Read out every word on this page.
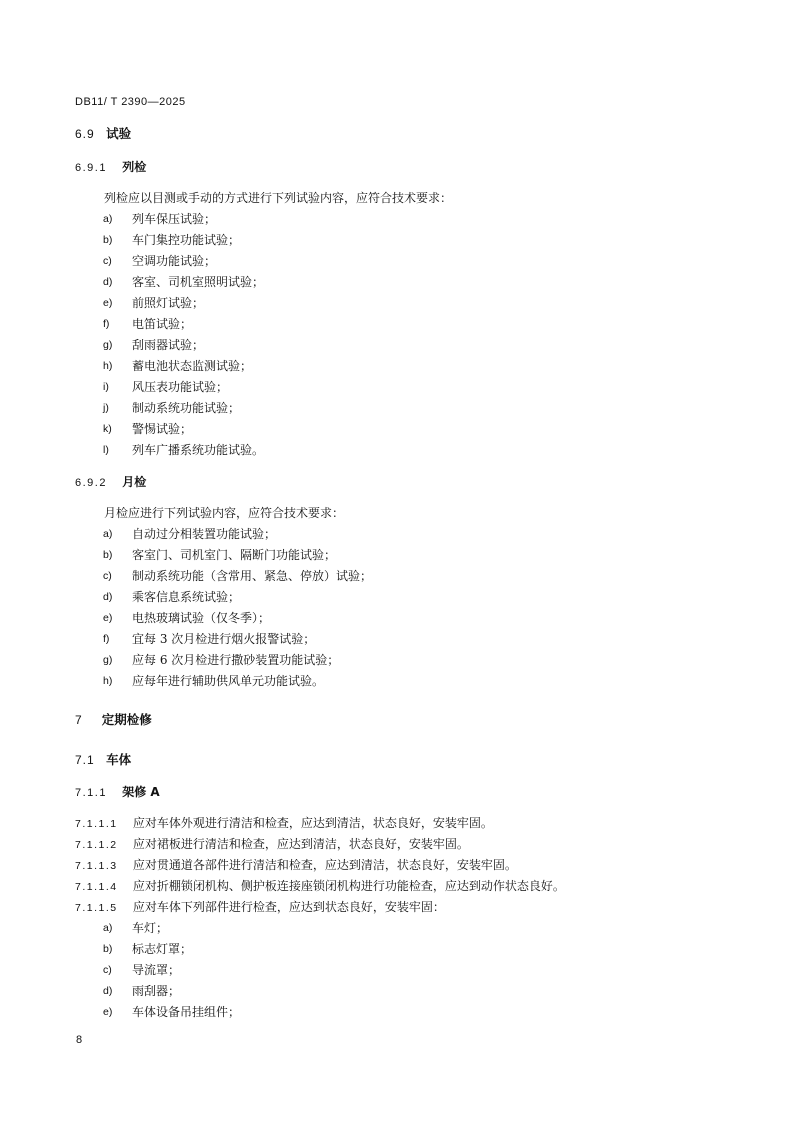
DB11/ T 2390—2025
6.9 试验
6.9.1 列检
列检应以目测或手动的方式进行下列试验内容，应符合技术要求：
a) 列车保压试验；
b) 车门集控功能试验；
c) 空调功能试验；
d) 客室、司机室照明试验；
e) 前照灯试验；
f) 电笛试验；
g) 刮雨器试验；
h) 蓄电池状态监测试验；
i) 风压表功能试验；
j) 制动系统功能试验；
k) 警惕试验；
l) 列车广播系统功能试验。
6.9.2 月检
月检应进行下列试验内容，应符合技术要求：
a) 自动过分相装置功能试验；
b) 客室门、司机室门、隔断门功能试验；
c) 制动系统功能（含常用、紧急、停放）试验；
d) 乘客信息系统试验；
e) 电热玻璃试验（仅冬季）；
f) 宜每 3 次月检进行烟火报警试验；
g) 应每 6 次月检进行撒砂装置功能试验；
h) 应每年进行辅助供风单元功能试验。
7 定期检修
7.1 车体
7.1.1 架修 A
7.1.1.1 应对车体外观进行清洁和检查，应达到清洁，状态良好，安装牢固。
7.1.1.2 应对裙板进行清洁和检查，应达到清洁，状态良好，安装牢固。
7.1.1.3 应对贯通道各部件进行清洁和检查，应达到清洁，状态良好，安装牢固。
7.1.1.4 应对折棚锁闭机构、侧护板连接座锁闭机构进行功能检查，应达到动作状态良好。
7.1.1.5 应对车体下列部件进行检查，应达到状态良好，安装牢固：
a) 车灯；
b) 标志灯罩；
c) 导流罩；
d) 雨刮器；
e) 车体设备吊挂组件；
8
